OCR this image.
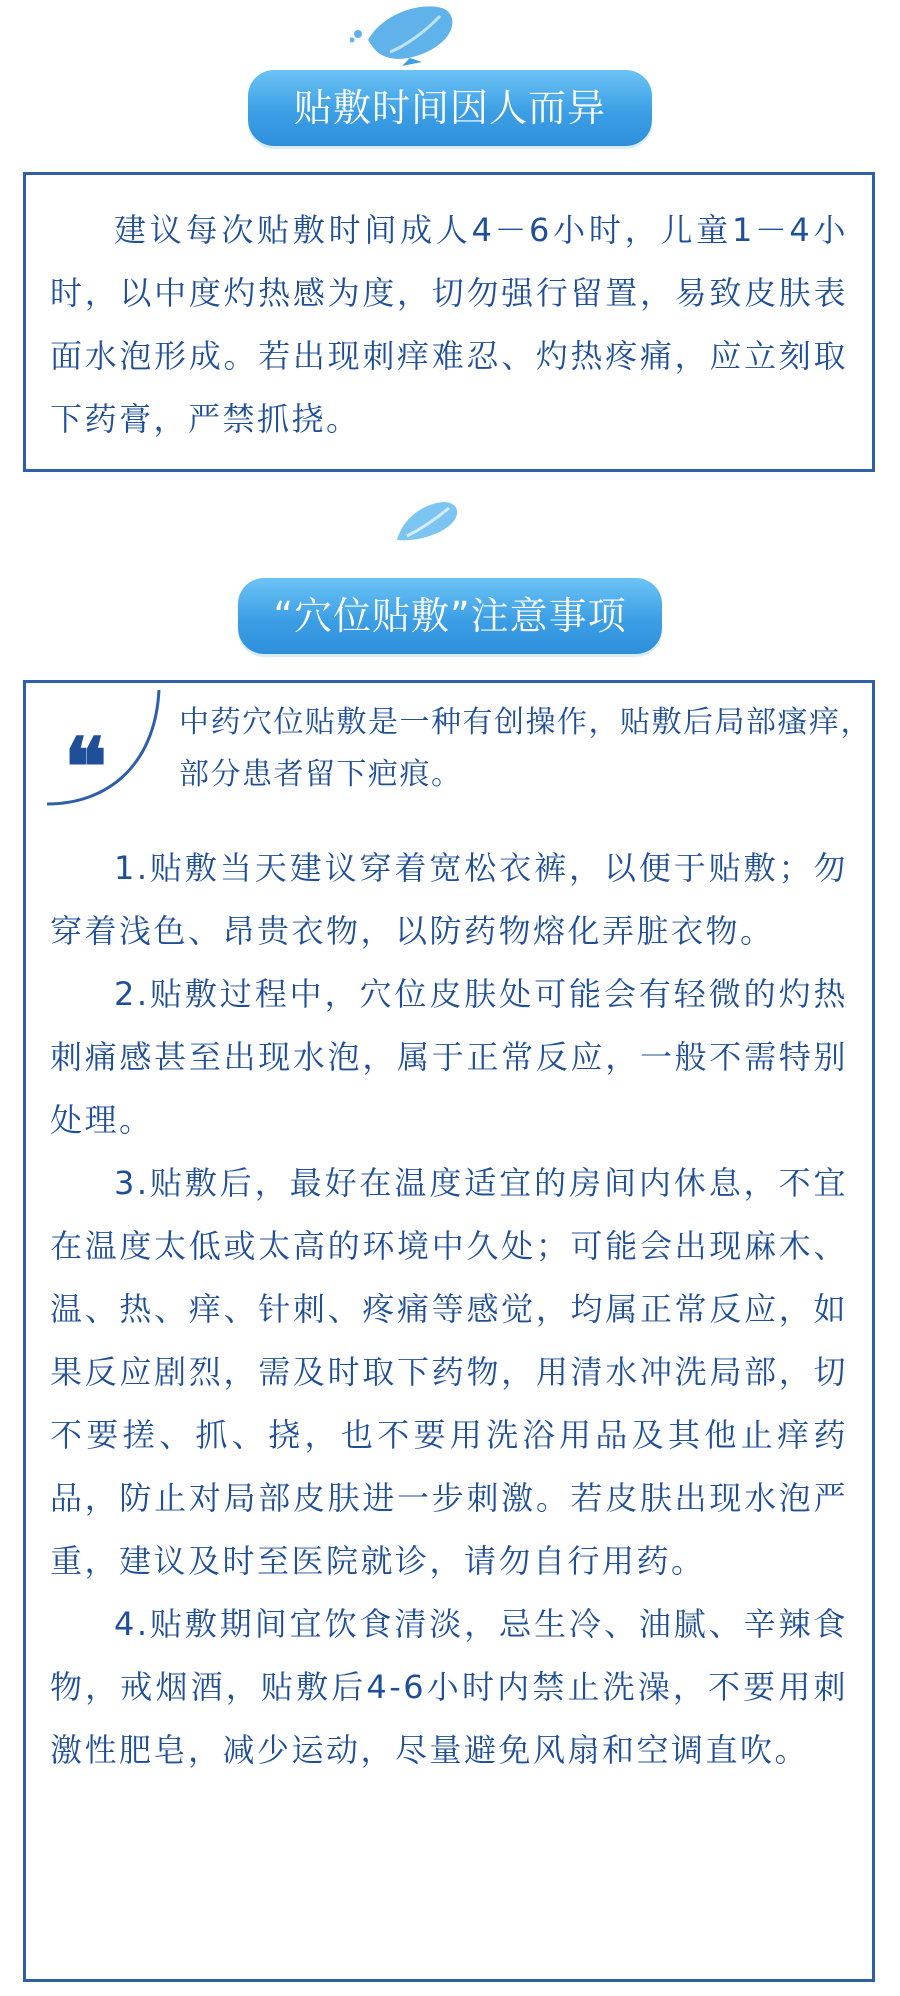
贴敷时间因人而异

建议每次贴敷时间成人4－6小时，儿童1－4小时，以中度灼热感为度，切勿强行留置，易致皮肤表面水泡形成。若出现刺痒难忍、灼热疼痛，应立刻取下药膏，严禁抓挠。

“穴位贴敷”注意事项
❝ 中药穴位贴敷是一种有创操作，贴敷后局部瘙痒，部分患者留下疤痕。

1.贴敷当天建议穿着宽松衣裤，以便于贴敷；勿穿着浅色、昂贵衣物，以防药物熔化弄脏衣物。

2.贴敷过程中，穴位皮肤处可能会有轻微的灼热刺痛感甚至出现水泡，属于正常反应，一般不需特别处理。

3.贴敷后，最好在温度适宜的房间内休息，不宜在温度太低或太高的环境中久处；可能会出现麻木、温、热、痒、针刺、疼痛等感觉，均属正常反应，如果反应剧烈，需及时取下药物，用清水冲洗局部，切不要搓、抓、挠，也不要用洗浴用品及其他止痒药品，防止对局部皮肤进一步刺激。若皮肤出现水泡严重，建议及时至医院就诊，请勿自行用药。

4.贴敷期间宜饮食清淡，忌生冷、油腻、辛辣食物，戒烟酒，贴敷后4-6小时内禁止洗澡，不要用刺激性肥皂，减少运动，尽量避免风扇和空调直吹。
